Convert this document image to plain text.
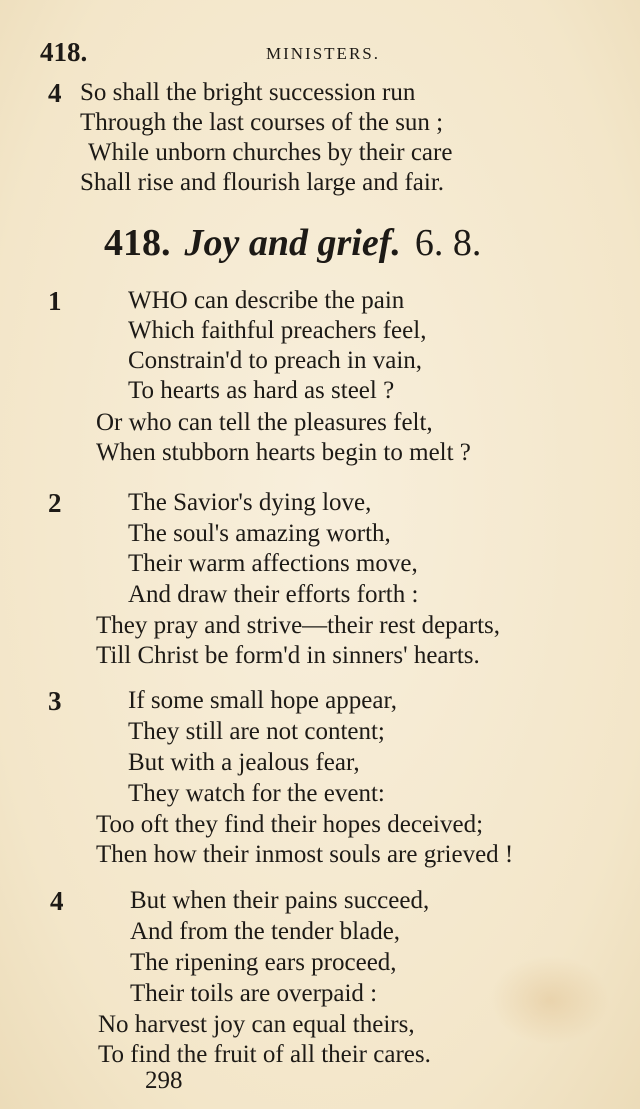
418.	MINISTERS.
4 So shall the bright succession run
Through the last courses of the sun ;
While unborn churches by their care
Shall rise and flourish large and fair.
418. Joy and grief. 6. 8.
1	WHO can describe the pain
Which faithful preachers feel,
Constrain'd to preach in vain,
To hearts as hard as steel ?
Or who can tell the pleasures felt,
When stubborn hearts begin to melt ?
2	The Savior's dying love,
The soul's amazing worth,
Their warm affections move,
And draw their efforts forth :
They pray and strive—their rest departs,
Till Christ be form'd in sinners' hearts.
3	If some small hope appear,
They still are not content;
But with a jealous fear,
They watch for the event:
Too oft they find their hopes deceived;
Then how their inmost souls are grieved !
4	But when their pains succeed,
And from the tender blade,
The ripening ears proceed,
Their toils are overpaid :
No harvest joy can equal theirs,
To find the fruit of all their cares.
298
